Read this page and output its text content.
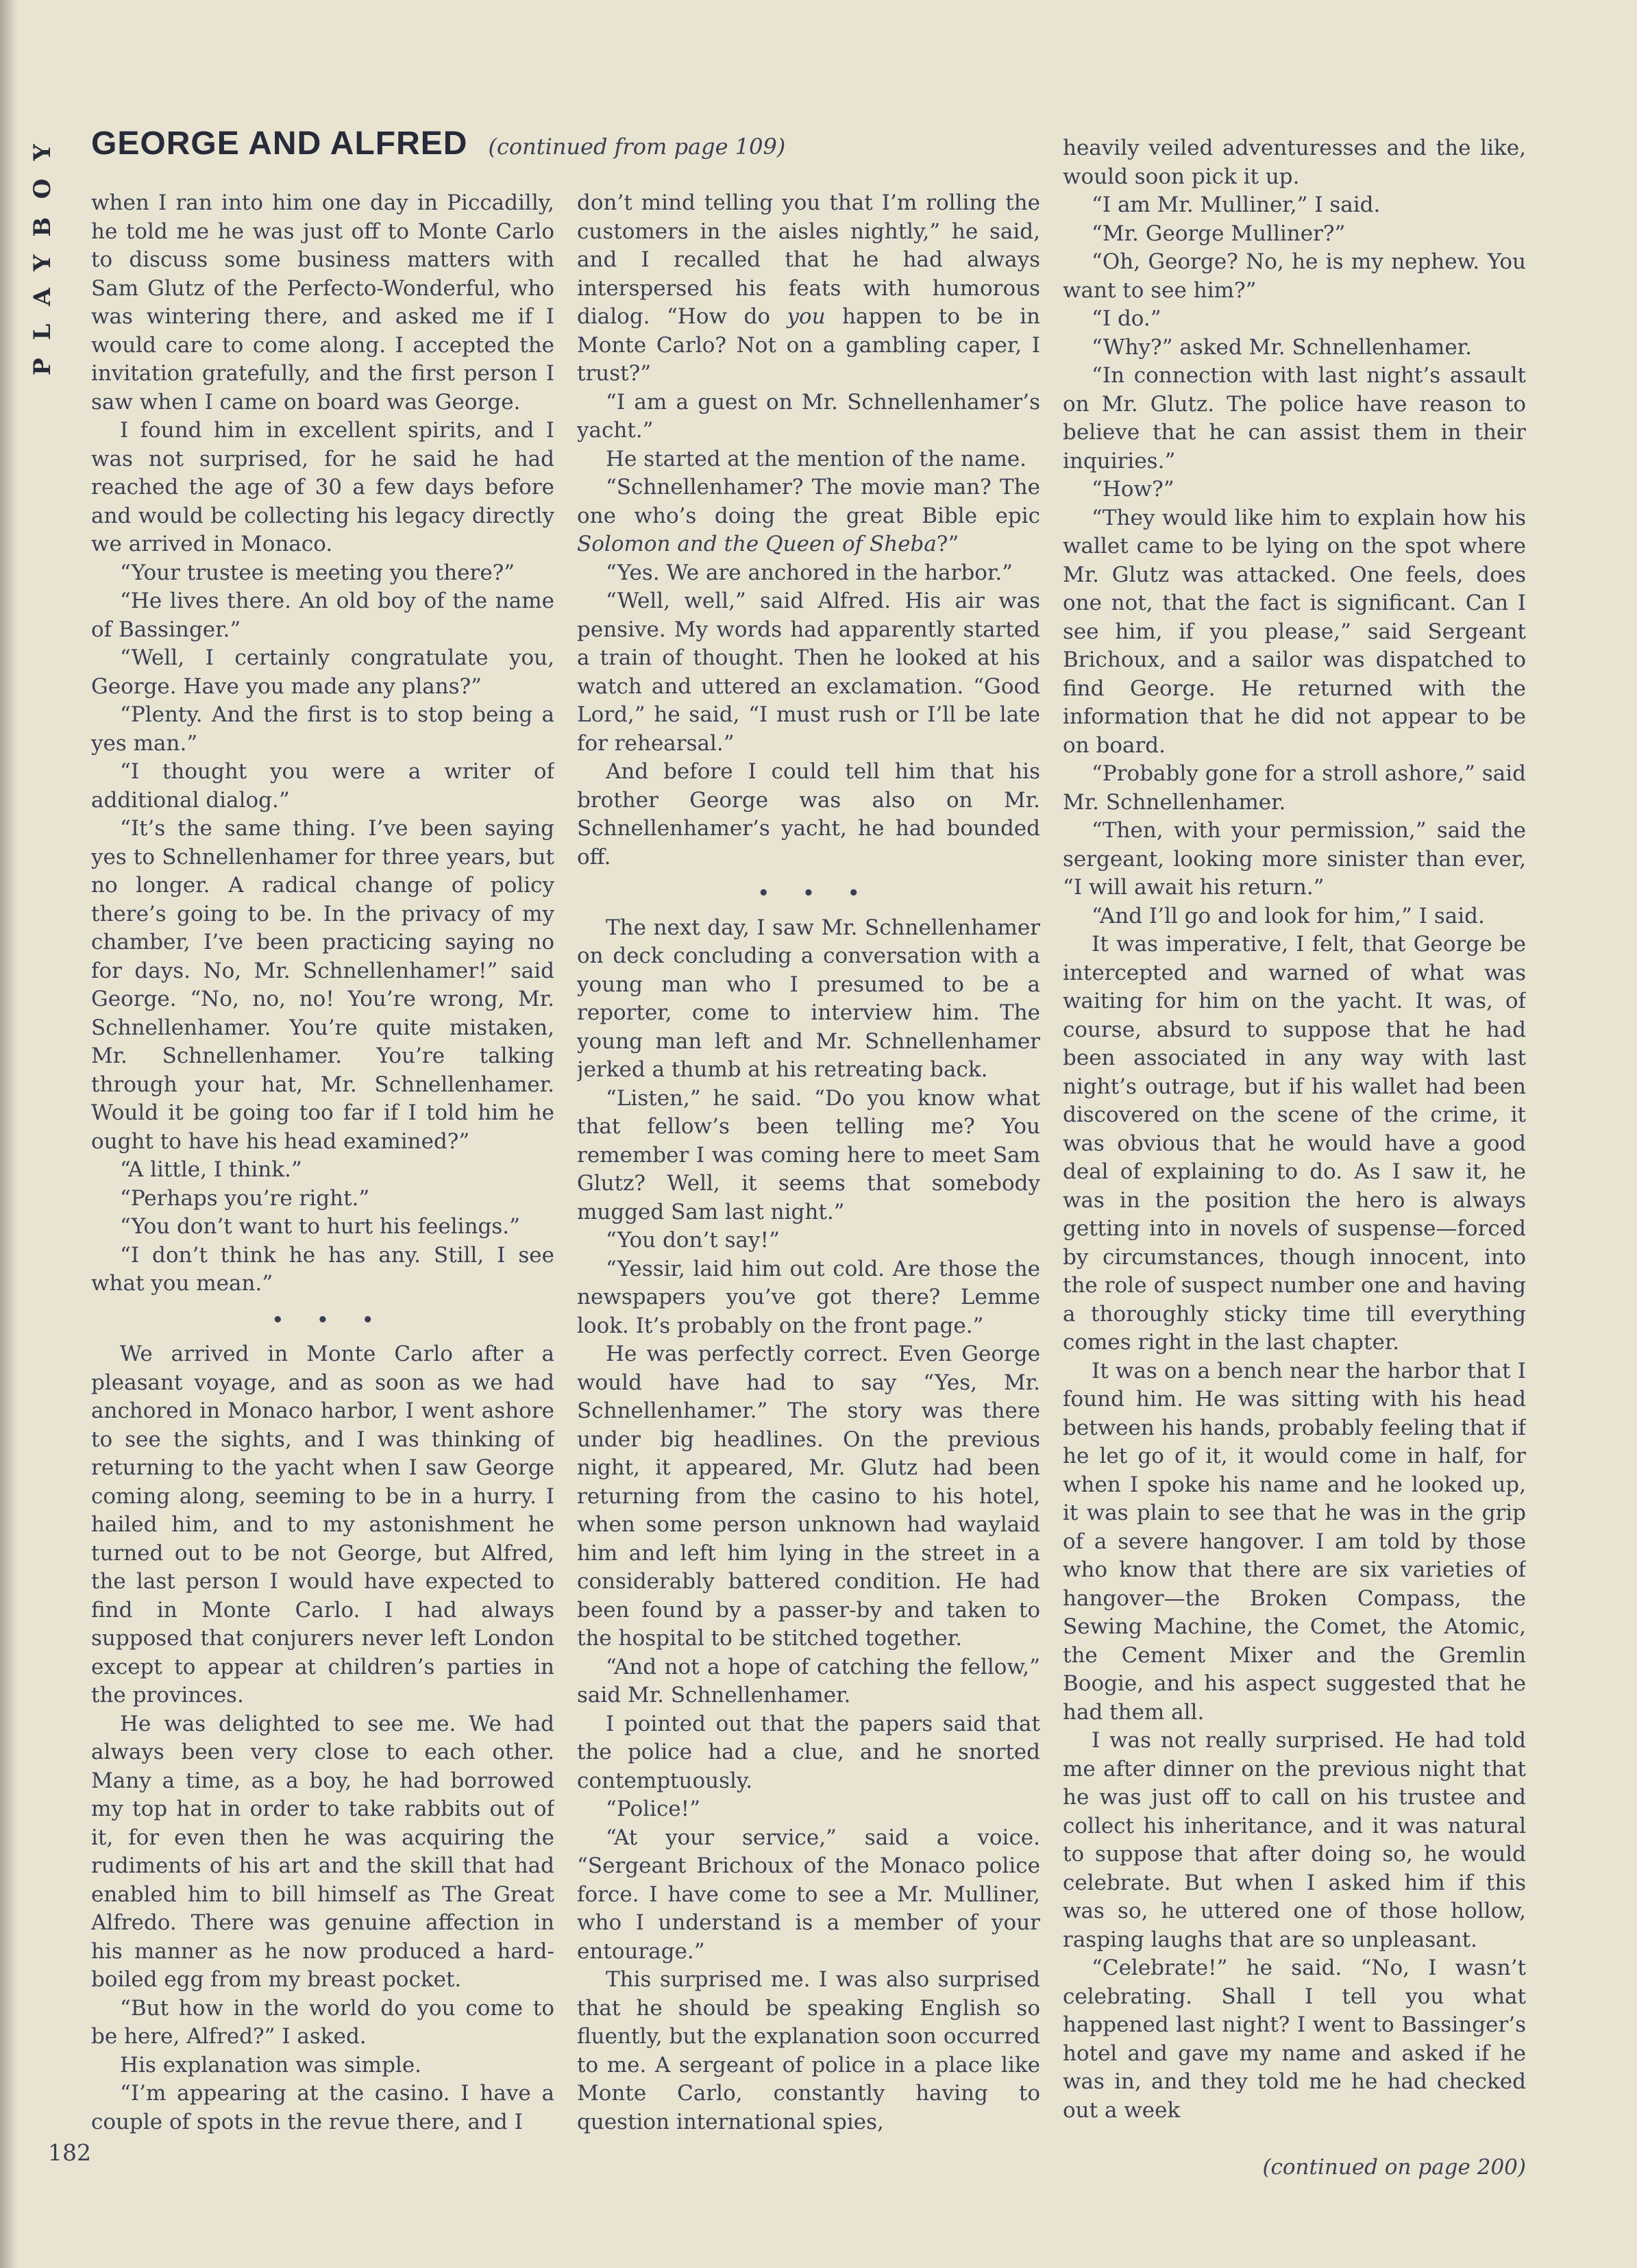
PLAYBOY GEORGE AND ALFRED (continued from page 109)

when I ran into him one day in Piccadilly, he told me he was just off to Monte Carlo to discuss some business matters with Sam Glutz of the Perfecto-Wonderful, who was wintering there, and asked me if I would care to come along. I accepted the invitation gratefully, and the first person I saw when I came on board was George.

I found him in excellent spirits, and I was not surprised, for he said he had reached the age of 30 a few days before and would be collecting his legacy directly we arrived in Monaco.

“Your trustee is meeting you there?”

“He lives there. An old boy of the name of Bassinger.”

“Well, I certainly congratulate you, George. Have you made any plans?”

“Plenty. And the first is to stop being a yes man.”

“I thought you were a writer of additional dialog.”

“It’s the same thing. I’ve been saying yes to Schnellenhamer for three years, but no longer. A radical change of policy there’s going to be. In the privacy of my chamber, I’ve been practicing saying no for days. No, Mr. Schnellenhamer!” said George. “No, no, no! You’re wrong, Mr. Schnellenhamer. You’re quite mistaken, Mr. Schnellenhamer. You’re talking through your hat, Mr. Schnellenhamer. Would it be going too far if I told him he ought to have his head examined?”

“A little, I think.”

“Perhaps you’re right.”

“You don’t want to hurt his feelings.”

“I don’t think he has any. Still, I see what you mean.”

• • •

We arrived in Monte Carlo after a pleasant voyage, and as soon as we had anchored in Monaco harbor, I went ashore to see the sights, and I was thinking of returning to the yacht when I saw George coming along, seeming to be in a hurry. I hailed him, and to my astonishment he turned out to be not George, but Alfred, the last person I would have expected to find in Monte Carlo. I had always supposed that conjurers never left London except to appear at children’s parties in the provinces.

He was delighted to see me. We had always been very close to each other. Many a time, as a boy, he had borrowed my top hat in order to take rabbits out of it, for even then he was acquiring the rudiments of his art and the skill that had enabled him to bill himself as The Great Alfredo. There was genuine affection in his manner as he now produced a hard-boiled egg from my breast pocket.

“But how in the world do you come to be here, Alfred?” I asked.

His explanation was simple.

“I’m appearing at the casino. I have a couple of spots in the revue there, and I

don’t mind telling you that I’m rolling the customers in the aisles nightly,” he said, and I recalled that he had always interspersed his feats with humorous dialog. “How do you happen to be in Monte Carlo? Not on a gambling caper, I trust?”

“I am a guest on Mr. Schnellenhamer’s yacht.”

He started at the mention of the name.

“Schnellenhamer? The movie man? The one who’s doing the great Bible epic Solomon and the Queen of Sheba?”

“Yes. We are anchored in the harbor.”

“Well, well,” said Alfred. His air was pensive. My words had apparently started a train of thought. Then he looked at his watch and uttered an exclamation. “Good Lord,” he said, “I must rush or I’ll be late for rehearsal.”

And before I could tell him that his brother George was also on Mr. Schnellenhamer’s yacht, he had bounded off.

• • •

The next day, I saw Mr. Schnellenhamer on deck concluding a conversation with a young man who I presumed to be a reporter, come to interview him. The young man left and Mr. Schnellenhamer jerked a thumb at his retreating back.

“Listen,” he said. “Do you know what that fellow’s been telling me? You remember I was coming here to meet Sam Glutz? Well, it seems that somebody mugged Sam last night.”

“You don’t say!”

“Yessir, laid him out cold. Are those the newspapers you’ve got there? Lemme look. It’s probably on the front page.”

He was perfectly correct. Even George would have had to say “Yes, Mr. Schnellenhamer.” The story was there under big headlines. On the previous night, it appeared, Mr. Glutz had been returning from the casino to his hotel, when some person unknown had waylaid him and left him lying in the street in a considerably battered condition. He had been found by a passer-by and taken to the hospital to be stitched together.

“And not a hope of catching the fellow,” said Mr. Schnellenhamer.

I pointed out that the papers said that the police had a clue, and he snorted contemptuously.

“Police!”

“At your service,” said a voice. “Sergeant Brichoux of the Monaco police force. I have come to see a Mr. Mulliner, who I understand is a member of your entourage.”

This surprised me. I was also surprised that he should be speaking English so fluently, but the explanation soon occurred to me. A sergeant of police in a place like Monte Carlo, constantly having to question international spies,

(continued on page 200)

heavily veiled adventuresses and the like, would soon pick it up.

“I am Mr. Mulliner,” I said.

“Mr. George Mulliner?”

“Oh, George? No, he is my nephew. You want to see him?”

“I do.”

“Why?” asked Mr. Schnellenhamer.

“In connection with last night’s assault on Mr. Glutz. The police have reason to believe that he can assist them in their inquiries.”

“How?”

“They would like him to explain how his wallet came to be lying on the spot where Mr. Glutz was attacked. One feels, does one not, that the fact is significant. Can I see him, if you please,” said Sergeant Brichoux, and a sailor was dispatched to find George. He returned with the information that he did not appear to be on board.

“Probably gone for a stroll ashore,” said Mr. Schnellenhamer.

“Then, with your permission,” said the sergeant, looking more sinister than ever, “I will await his return.”

“And I’ll go and look for him,” I said.

It was imperative, I felt, that George be intercepted and warned of what was waiting for him on the yacht. It was, of course, absurd to suppose that he had been associated in any way with last night’s outrage, but if his wallet had been discovered on the scene of the crime, it was obvious that he would have a good deal of explaining to do. As I saw it, he was in the position the hero is always getting into in novels of suspense—forced by circumstances, though innocent, into the role of suspect number one and having a thoroughly sticky time till everything comes right in the last chapter.

It was on a bench near the harbor that I found him. He was sitting with his head between his hands, probably feeling that if he let go of it, it would come in half, for when I spoke his name and he looked up, it was plain to see that he was in the grip of a severe hangover. I am told by those who know that there are six varieties of hangover—the Broken Compass, the Sewing Machine, the Comet, the Atomic, the Cement Mixer and the Gremlin Boogie, and his aspect suggested that he had them all.

I was not really surprised. He had told me after dinner on the previous night that he was just off to call on his trustee and collect his inheritance, and it was natural to suppose that after doing so, he would celebrate. But when I asked him if this was so, he uttered one of those hollow, rasping laughs that are so unpleasant.

“Celebrate!” he said. “No, I wasn’t celebrating. Shall I tell you what happened last night? I went to Bassinger’s hotel and gave my name and asked if he was in, and they told me he had checked out a week

182
